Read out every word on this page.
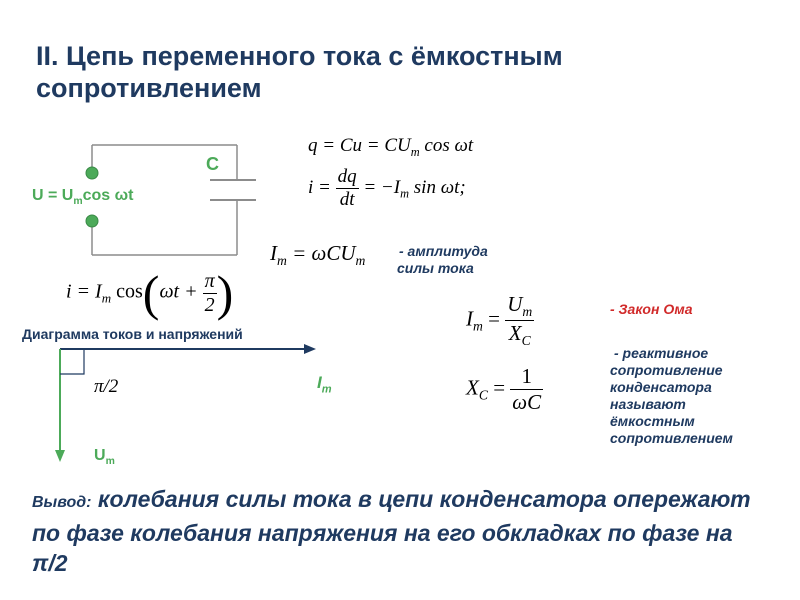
II. Цепь переменного тока с ёмкостным сопротивлением
C
$U = U_m\cos$ ωt
$q = Cu = CU_m$ cos ωt
$i = \frac{dq}{dt} = -I_m$ sin ωt;
$I_m = \omega CU_m$
- амплитуда
силы тока
$i = I_m$ $\cos(\omega t + \frac{\pi}{2}$ )	$I_m = \frac{U_m}{X_C}$
$X_C = \frac{1}{\omega C}$
- Закон Ома
- реактивное
сопротивление
конденсатора
называют
ёмкостным
сопротивлением
Диаграмма токов и напряжений
π/2	$I_m$
$U_m$
Вывод: колебания силы тока в цепи конденсатора опережают по фазе колебания напряжения на его обкладках по фазе на π/2
